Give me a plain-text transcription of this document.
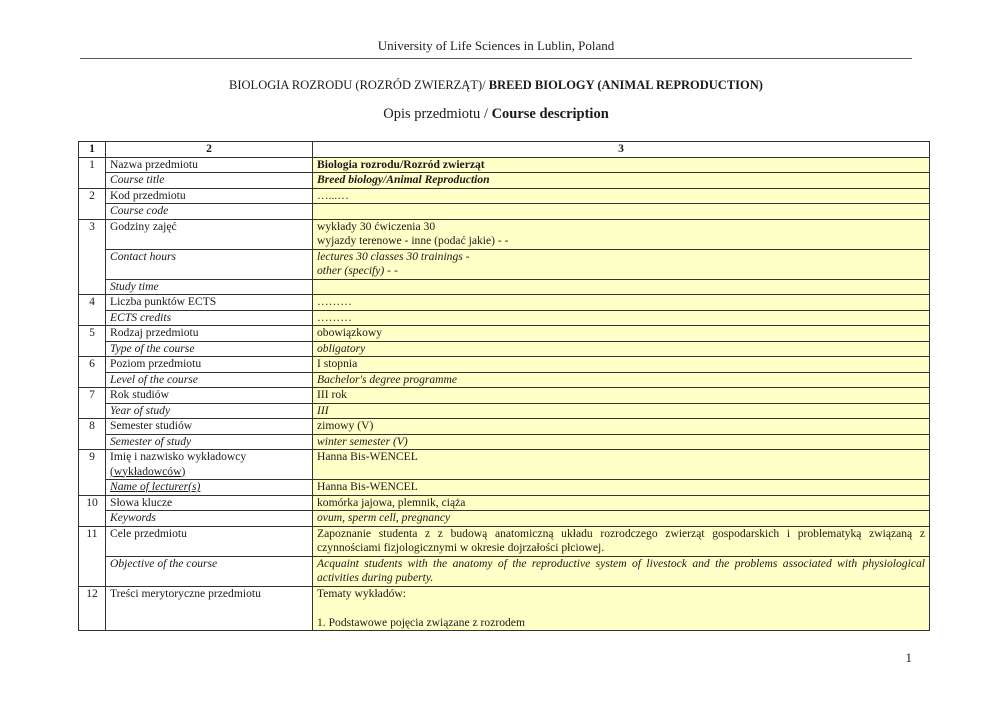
University of Life Sciences in Lublin, Poland
BIOLOGIA ROZRODU (ROZRÓD ZWIERZĄT)/ BREED BIOLOGY (ANIMAL REPRODUCTION)
Opis przedmiotu / Course description
1	2	3
1	Nazwa przedmiotu	Biologia rozrodu/Rozród zwierząt
	Course title	Breed biology/Animal Reproduction
2	Kod przedmiotu	…...…
	Course code	
3	Godziny zajęć	wykłady 30 ćwiczenia 30
wyjazdy terenowe - inne (podać jakie) - -

	Contact hours	lectures 30 classes 30 trainings -
other (specify) - -

	Study time	
4	Liczba punktów ECTS	………
	ECTS credits	………
5	Rodzaj przedmiotu	obowiązkowy
	Type of the course	obligatory
6	Poziom przedmiotu	I stopnia
	Level of the course	Bachelor's degree programme
7	Rok studiów	III rok
	Year of study	III
8	Semester studiów	zimowy (V)
	Semester of study	winter semester (V)
9	Imię i nazwisko wykładowcy
(wykładowców)	Hanna Bis-WENCEL
	Name of lecturer(s)	Hanna Bis-WENCEL
10	Słowa klucze	komórka jajowa, plemnik, ciąża
	Keywords	ovum, sperm cell, pregnancy
11	Cele przedmiotu	Zapoznanie studenta z z budową anatomiczną układu rozrodczego zwierząt gospodarskich i problematyką związaną z czynnościami fizjologicznymi w okresie dojrzałości płciowej.
	Objective of the course	Acquaint students with the anatomy of the reproductive system of livestock and the problems associated with physiological activities during puberty.
12	Treści merytoryczne przedmiotu	Tematy wykładów:
1. Podstawowe pojęcia związane z rozrodem
1
